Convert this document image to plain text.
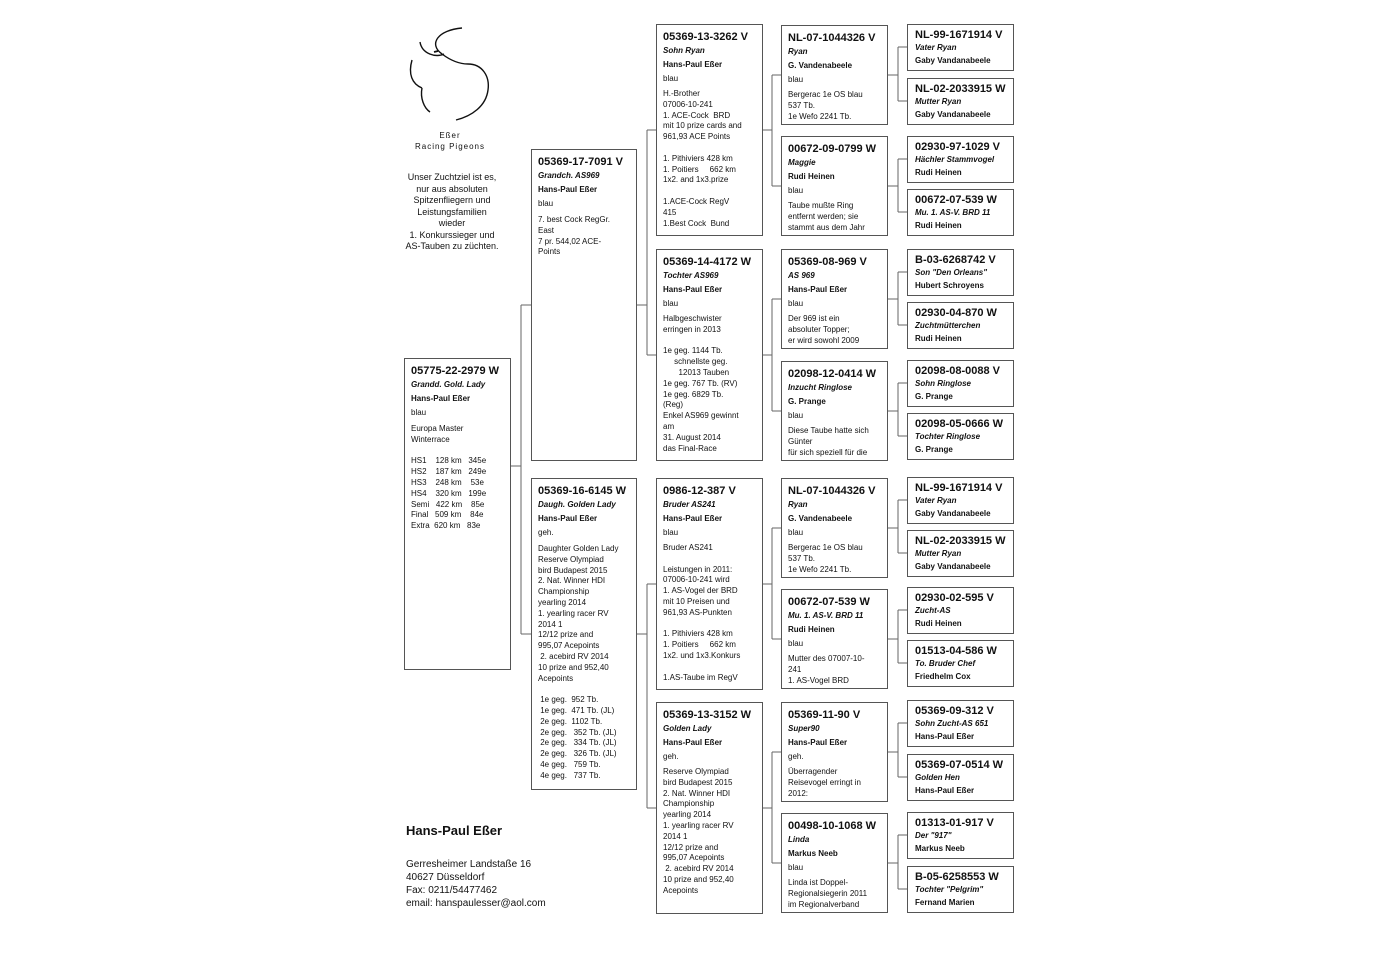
Eßer
Racing Pigeons
Unser Zuchtziel ist es,
nur aus absoluten
Spitzenfliegern und
Leistungsfamilien
wieder
1. Konkurssieger und
AS-Tauben zu züchten.
Hans-Paul Eßer
Gerresheimer Landstaße 16
40627 Düsseldorf
Fax: 0211/54477462
email: hanspaulesser@aol.com
05775-22-2979 W
Grandd. Gold. Lady
Hans-Paul Eßer
blau
Europa Master
Winterrace

HS1    128 km   345e
HS2    187 km   249e
HS3    248 km    53e
HS4    320 km   199e
Semi   422 km    85e
Final   509 km    84e
Extra  620 km   83e
05369-17-7091 V
Grandch. AS969
Hans-Paul Eßer
blau
7. best Cock RegGr.
East
7 pr. 544,02 ACE-
Points
05369-16-6145 W
Daugh. Golden Lady
Hans-Paul Eßer
geh.
Daughter Golden Lady
Reserve Olympiad
bird Budapest 2015
2. Nat. Winner HDI
Championship
yearling 2014
1. yearling racer RV
2014 1
12/12 prize and
995,07 Acepoints
2. acebird RV 2014
10 prize and 952,40
Acepoints

1e geg.  952 Tb.
1e geg.  471 Tb. (JL)
2e geg.  1102 Tb.
2e geg.   352 Tb. (JL)
2e geg.   334 Tb. (JL)
2e geg.   326 Tb. (JL)
4e geg.   759 Tb.
4e geg.   737 Tb.
05369-13-3262 V
Sohn Ryan
Hans-Paul Eßer
blau
H.-Brother
07006-10-241
1. ACE-Cock  BRD
mit 10 prize cards and
961,93 ACE Points

1. Pithiviers 428 km
1. Poitiers     662 km
1x2. and 1x3.prize

1.ACE-Cock RegV
415
1.Best Cock  Bund
05369-14-4172 W
Tochter AS969
Hans-Paul Eßer
blau
Halbgeschwister
erringen in 2013

1e geg. 1144 Tb.
schnellste geg.
12013 Tauben
1e geg. 767 Tb. (RV)
1e geg. 6829 Tb.
(Reg)
Enkel AS969 gewinnt
am
31. August 2014
das Final-Race
0986-12-387 V
Bruder AS241
Hans-Paul Eßer
blau
Bruder AS241

Leistungen in 2011:
07006-10-241 wird
1. AS-Vogel der BRD
mit 10 Preisen und
961,93 AS-Punkten

1. Pithiviers 428 km
1. Poitiers     662 km
1x2. und 1x3.Konkurs

1.AS-Taube im RegV
05369-13-3152 W
Golden Lady
Hans-Paul Eßer
geh.
Reserve Olympiad
bird Budapest 2015
2. Nat. Winner HDI
Championship
yearling 2014
1. yearling racer RV
2014 1
12/12 prize and
995,07 Acepoints
2. acebird RV 2014
10 prize and 952,40
Acepoints
NL-07-1044326 V
Ryan
G. Vandenabeele
blau
Bergerac 1e OS blau
537 Tb.
1e Wefo 2241 Tb.
00672-09-0799 W
Maggie
Rudi Heinen
blau
Taube mußte Ring
entfernt werden; sie
stammt aus dem Jahr
05369-08-969 V
AS 969
Hans-Paul Eßer
blau
Der 969 ist ein
absoluter Topper;
er wird sowohl 2009
02098-12-0414 W
Inzucht Ringlose
G. Prange
blau
Diese Taube hatte sich
Günter
für sich speziell für die
NL-07-1044326 V
Ryan
G. Vandenabeele
blau
Bergerac 1e OS blau
537 Tb.
1e Wefo 2241 Tb.
00672-07-539 W
Mu. 1. AS-V. BRD 11
Rudi Heinen
blau
Mutter des 07007-10-
241
1. AS-Vogel BRD
05369-11-90 V
Super90
Hans-Paul Eßer
geh.
Überragender
Reisevogel erringt in
2012:
00498-10-1068 W
Linda
Markus Neeb
blau
Linda ist Doppel-
Regionalsiegerin 2011
im Regionalverband
NL-99-1671914 V
Vater Ryan
Gaby Vandanabeele
NL-02-2033915 W
Mutter Ryan
Gaby Vandanabeele
02930-97-1029 V
Hächler Stammvogel
Rudi Heinen
00672-07-539 W
Mu. 1. AS-V. BRD 11
Rudi Heinen
B-03-6268742 V
Son "Den Orleans"
Hubert Schroyens
02930-04-870 W
Zuchtmütterchen
Rudi Heinen
02098-08-0088 V
Sohn Ringlose
G. Prange
02098-05-0666 W
Tochter Ringlose
G. Prange
NL-99-1671914 V
Vater Ryan
Gaby Vandanabeele
NL-02-2033915 W
Mutter Ryan
Gaby Vandanabeele
02930-02-595 V
Zucht-AS
Rudi Heinen
01513-04-586 W
To. Bruder Chef
Friedhelm Cox
05369-09-312 V
Sohn Zucht-AS 651
Hans-Paul Eßer
05369-07-0514 W
Golden Hen
Hans-Paul Eßer
01313-01-917 V
Der "917"
Markus Neeb
B-05-6258553 W
Tochter "Pelgrim"
Fernand Marien
